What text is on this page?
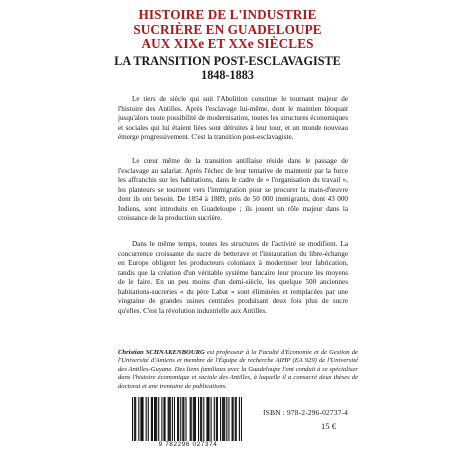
HISTOIRE DE L'INDUSTRIE
SUCRIÈRE EN GUADELOUPE
AUX XIXe ET XXe SIÈCLES
LA TRANSITION POST-ESCLAVAGISTE
1848-1883

Le tiers de siècle qui suit l'Abolition constitue le tournant majeur de l'histoire des Antilles. Après l'esclavage lui-même, dont le maintien bloquait jusqu'alors toute possibilité de modernisation, toutes les structures économiques et sociales qui lui étaient liées sont détruites à leur tour, et un monde nouveau émerge progressivement. C'est la transition post-esclavagiste.

Le cœur même de la transition antillaise réside dans le passage de l'esclavage au salariat. Après l'échec de leur tentative de maintenir par la force les affranchis sur les habitations, dans le cadre de « l'organisation du travail », les planteurs se tournent vers l'immigration pour se procurer la main-d'œuvre dont ils ont besoin. De 1854 à 1889, près de 50 000 immigrants, dont 43 000 Indiens, sont introduits en Guadeloupe ; ils jouent un rôle majeur dans la croissance de la production sucrière.

Dans le même temps, toutes les structures de l'activité se modifient. La concurrence croissante du sucre de betterave et l'instauration du libre-échange en Europe obligent les producteurs coloniaux à moderniser leur fabrication, tandis que la création d'un véritable système bancaire leur procure les moyens de le faire. En un peu moins d'un demi-siècle, les quelque 500 anciennes habitations-sucreries « du père Labat » sont éliminées et remplacées par une vingtaine de grandes usines centrales produisant deux fois plus de sucre qu'elles. C'est la révolution industrielle aux Antilles.

Christian SCHNAKENBOURG est professeur à la Faculté d'Économie et de Gestion de l'Université d'Amiens et membre de l'Équipe de recherche AIHP (EA 929) de l'Université des Antilles-Guyane. Des liens familiaux avec la Guadeloupe l'ont conduit à se spécialiser dans l'histoire économique et sociale des Antilles, à laquelle il a consacré deux thèses de doctorat et une trentaine de publications.
9 782296 027374
ISBN : 978-2-296-02737-4
15 €
